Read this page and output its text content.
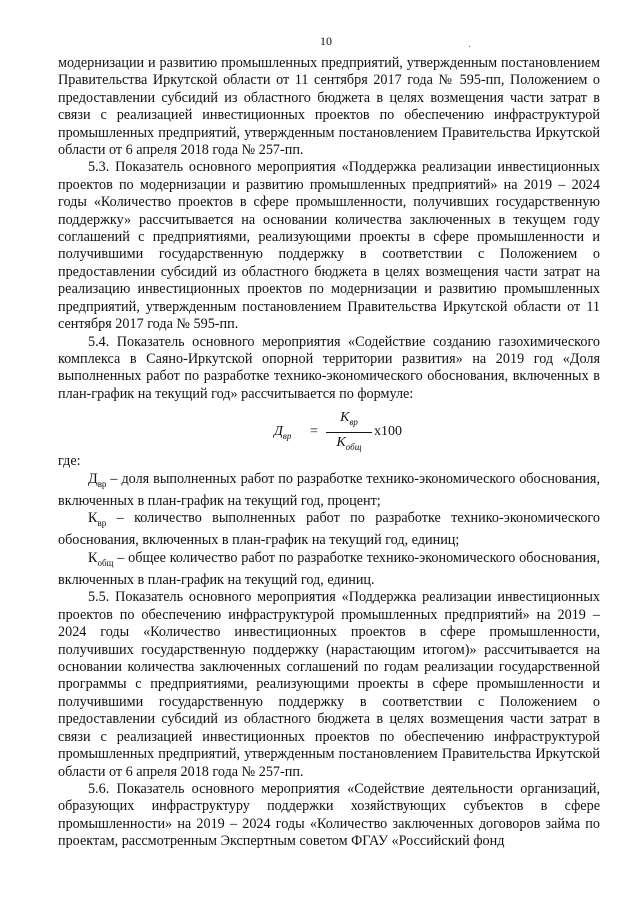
10	·

модернизации и развитию промышленных предприятий, утвержденным постановлением Правительства Иркутской области от 11 сентября 2017 года № 595-пп, Положением о предоставлении субсидий из областного бюджета в целях возмещения части затрат в связи с реализацией инвестиционных проектов по обеспечению инфраструктурой промышленных предприятий, утвержденным постановлением Правительства Иркутской области от 6 апреля 2018 года № 257-пп.

5.3. Показатель основного мероприятия «Поддержка реализации инвестиционных проектов по модернизации и развитию промышленных предприятий» на 2019 – 2024 годы «Количество проектов в сфере промышленности, получивших государственную поддержку» рассчитывается на основании количества заключенных в текущем году соглашений с предприятиями, реализующими проекты в сфере промышленности и получившими государственную поддержку в соответствии с Положением о предоставлении субсидий из областного бюджета в целях возмещения части затрат на реализацию инвестиционных проектов по модернизации и развитию промышленных предприятий, утвержденным постановлением Правительства Иркутской области от 11 сентября 2017 года № 595-пп.

5.4. Показатель основного мероприятия «Содействие созданию газохимического комплекса в Саяно-Иркутской опорной территории развития» на 2019 год «Доля выполненных работ по разработке технико-экономического обоснования, включенных в план-график на текущий год» рассчитывается по формуле:

$Д_{вр}$ =
$К_{вр}$
$К_{общ}$
х100

где:

$Д_{вр}$ – доля выполненных работ по разработке технико-экономического обоснования, включенных в план-график на текущий год, процент;

$К_{вр}$ – количество выполненных работ по разработке технико-экономического обоснования, включенных в план-график на текущий год, единиц;

$К_{общ}$ – общее количество работ по разработке технико-экономического обоснования, включенных в план-график на текущий год, единиц.

5.5. Показатель основного мероприятия «Поддержка реализации инвестиционных проектов по обеспечению инфраструктурой промышленных предприятий» на 2019 – 2024 годы «Количество инвестиционных проектов в сфере промышленности, получивших государственную поддержку (нарастающим итогом)» рассчитывается на основании количества заключенных соглашений по годам реализации государственной программы с предприятиями, реализующими проекты в сфере промышленности и получившими государственную поддержку в соответствии с Положением о предоставлении субсидий из областного бюджета в целях возмещения части затрат в связи с реализацией инвестиционных проектов по обеспечению инфраструктурой промышленных предприятий, утвержденным постановлением Правительства Иркутской области от 6 апреля 2018 года № 257-пп.

5.6. Показатель основного мероприятия «Содействие деятельности организаций, образующих инфраструктуру поддержки хозяйствующих субъектов в сфере промышленности» на 2019 – 2024 годы «Количество заключенных договоров займа по проектам, рассмотренным Экспертным советом ФГАУ «Российский фонд
